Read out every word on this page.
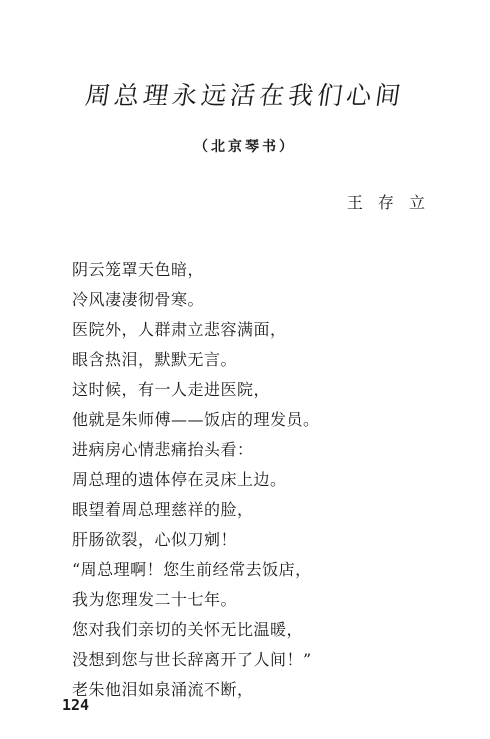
周总理永远活在我们心间
（北京琴书）
王 存 立
阴云笼罩天色暗，
冷风凄凄彻骨寒。
医院外，人群肃立悲容满面，
眼含热泪，默默无言。
这时候，有一人走进医院，
他就是朱师傅——饭店的理发员。
进病房心情悲痛抬头看：
周总理的遗体停在灵床上边。
眼望着周总理慈祥的脸，
肝肠欲裂，心似刀剜！
“周总理啊！您生前经常去饭店，
我为您理发二十七年。
您对我们亲切的关怀无比温暖，
没想到您与世长辞离开了人间！”
老朱他泪如泉涌流不断，
124
